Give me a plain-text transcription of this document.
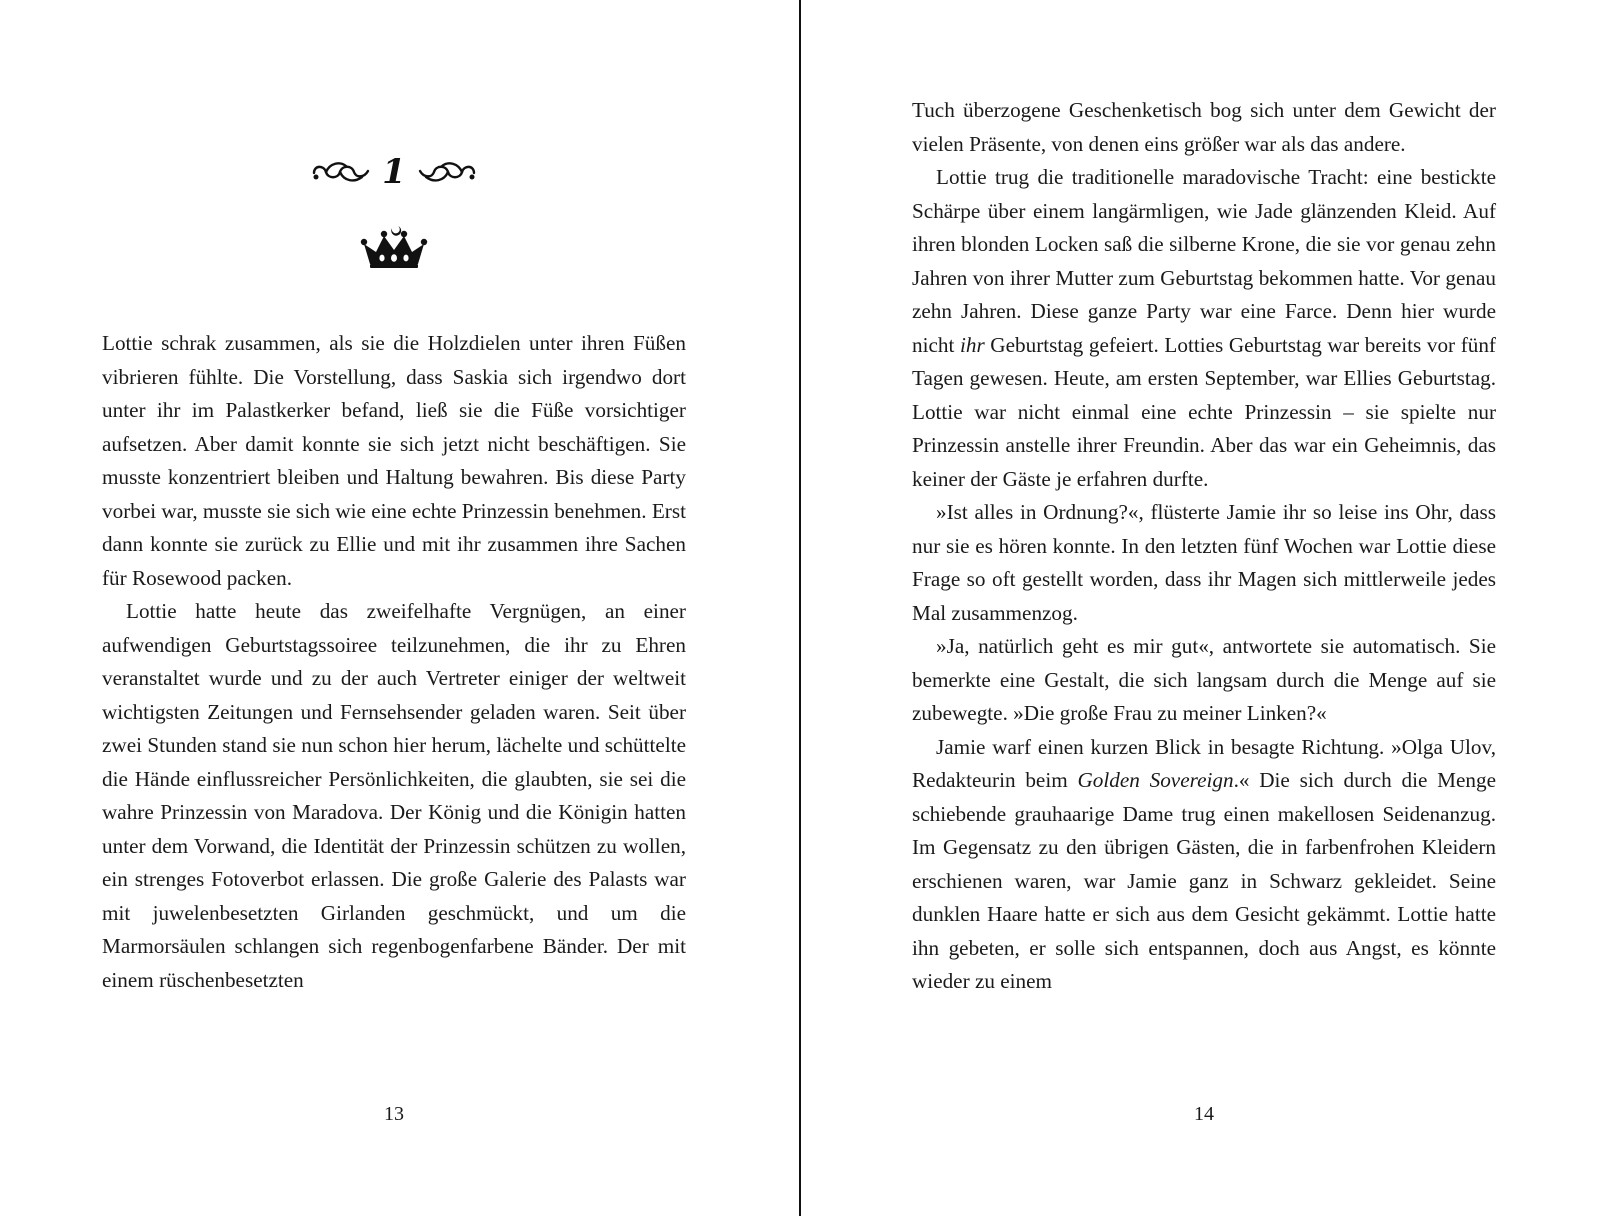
1

Lottie schrak zusammen, als sie die Holzdielen unter ihren Füßen vibrieren fühlte. Die Vorstellung, dass Saskia sich irgendwo dort unter ihr im Palastkerker befand, ließ sie die Füße vorsichtiger aufsetzen. Aber damit konnte sie sich jetzt nicht beschäftigen. Sie musste konzentriert bleiben und Haltung bewahren. Bis diese Party vorbei war, musste sie sich wie eine echte Prinzessin benehmen. Erst dann konnte sie zurück zu Ellie und mit ihr zusammen ihre Sachen für Rosewood packen.

Lottie hatte heute das zweifelhafte Vergnügen, an einer aufwendigen Geburtstagssoiree teilzunehmen, die ihr zu Ehren veranstaltet wurde und zu der auch Vertreter einiger der weltweit wichtigsten Zeitungen und Fernsehsender geladen waren. Seit über zwei Stunden stand sie nun schon hier herum, lächelte und schüttelte die Hände einflussreicher Persönlichkeiten, die glaubten, sie sei die wahre Prinzessin von Maradova. Der König und die Königin hatten unter dem Vorwand, die Identität der Prinzessin schützen zu wollen, ein strenges Fotoverbot erlassen. Die große Galerie des Palasts war mit juwelenbesetzten Girlanden geschmückt, und um die Marmorsäulen schlangen sich regenbogenfarbene Bänder. Der mit einem rüschenbesetzten

13

Tuch überzogene Geschenketisch bog sich unter dem Gewicht der vielen Präsente, von denen eins größer war als das andere.

Lottie trug die traditionelle maradovische Tracht: eine bestickte Schärpe über einem langärmligen, wie Jade glänzenden Kleid. Auf ihren blonden Locken saß die silberne Krone, die sie vor genau zehn Jahren von ihrer Mutter zum Geburtstag bekommen hatte. Vor genau zehn Jahren. Diese ganze Party war eine Farce. Denn hier wurde nicht ihr Geburtstag gefeiert. Lotties Geburtstag war bereits vor fünf Tagen gewesen. Heute, am ersten September, war Ellies Geburtstag. Lottie war nicht einmal eine echte Prinzessin – sie spielte nur Prinzessin anstelle ihrer Freundin. Aber das war ein Geheimnis, das keiner der Gäste je erfahren durfte.

»Ist alles in Ordnung?«, flüsterte Jamie ihr so leise ins Ohr, dass nur sie es hören konnte. In den letzten fünf Wochen war Lottie diese Frage so oft gestellt worden, dass ihr Magen sich mittlerweile jedes Mal zusammenzog.

»Ja, natürlich geht es mir gut«, antwortete sie automatisch. Sie bemerkte eine Gestalt, die sich langsam durch die Menge auf sie zubewegte. »Die große Frau zu meiner Linken?«

Jamie warf einen kurzen Blick in besagte Richtung. »Olga Ulov, Redakteurin beim Golden Sovereign.« Die sich durch die Menge schiebende grauhaarige Dame trug einen makellosen Seidenanzug. Im Gegensatz zu den übrigen Gästen, die in farbenfrohen Kleidern erschienen waren, war Jamie ganz in Schwarz gekleidet. Seine dunklen Haare hatte er sich aus dem Gesicht gekämmt. Lottie hatte ihn gebeten, er solle sich entspannen, doch aus Angst, es könnte wieder zu einem

14
